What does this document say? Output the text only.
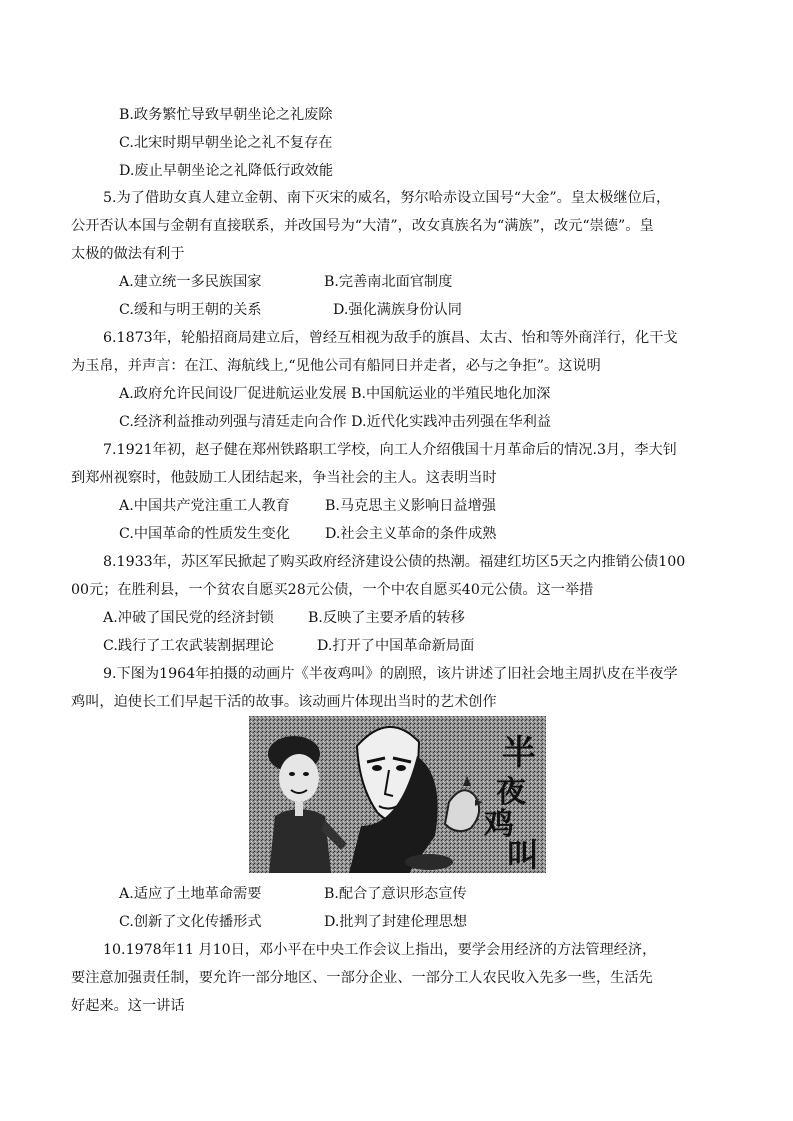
B.政务繁忙导致早朝坐论之礼废除
C.北宋时期早朝坐论之礼不复存在
D.废止早朝坐论之礼降低行政效能
5.为了借助女真人建立金朝、南下灭宋的威名，努尔哈赤设立国号“大金”。皇太极继位后，
公开否认本国与金朝有直接联系，并改国号为“大清”，改女真族名为“满族”，改元“崇德”。皇
太极的做法有利于
A.建立统一多民族国家	B.完善南北面官制度
C.缓和与明王朝的关系	D.强化满族身份认同
6.1873年，轮船招商局建立后，曾经互相视为敌手的旗昌、太古、怡和等外商洋行，化干戈
为玉帛，并声言：在江、海航线上,“见他公司有船同日并走者，必与之争拒”。这说明
A.政府允许民间设厂促进航运业发展 B.中国航运业的半殖民地化加深
C.经济利益推动列强与清廷走向合作 D.近代化实践冲击列强在华利益
7.1921年初，赵子健在郑州铁路职工学校，向工人介绍俄国十月革命后的情况.3月，李大钊
到郑州视察时，他鼓励工人团结起来，争当社会的主人。这表明当时
A.中国共产党注重工人教育 B.马克思主义影响日益增强
C.中国革命的性质发生变化 D.社会主义革命的条件成熟
8.1933年，苏区军民掀起了购买政府经济建设公债的热潮。福建红坊区5天之内推销公债100
00元；在胜利县，一个贫农自愿买28元公债，一个中农自愿买40元公债。这一举措
A.冲破了国民党的经济封锁 B.反映了主要矛盾的转移
C.践行了工农武装割据理论	D.打开了中国革命新局面
9.下图为1964年拍摄的动画片《半夜鸡叫》的剧照，该片讲述了旧社会地主周扒皮在半夜学
鸡叫，迫使长工们早起干活的故事。该动画片体现出当时的艺术创作
半
夜
鸡
叫
A.适应了土地革命需要	B.配合了意识形态宣传
C.创新了文化传播形式	D.批判了封建伦理思想
10.1978年11 月10日，邓小平在中央工作会议上指出，要学会用经济的方法管理经济，
要注意加强责任制，要允许一部分地区、一部分企业、一部分工人农民收入先多一些，生活先
好起来。这一讲话
